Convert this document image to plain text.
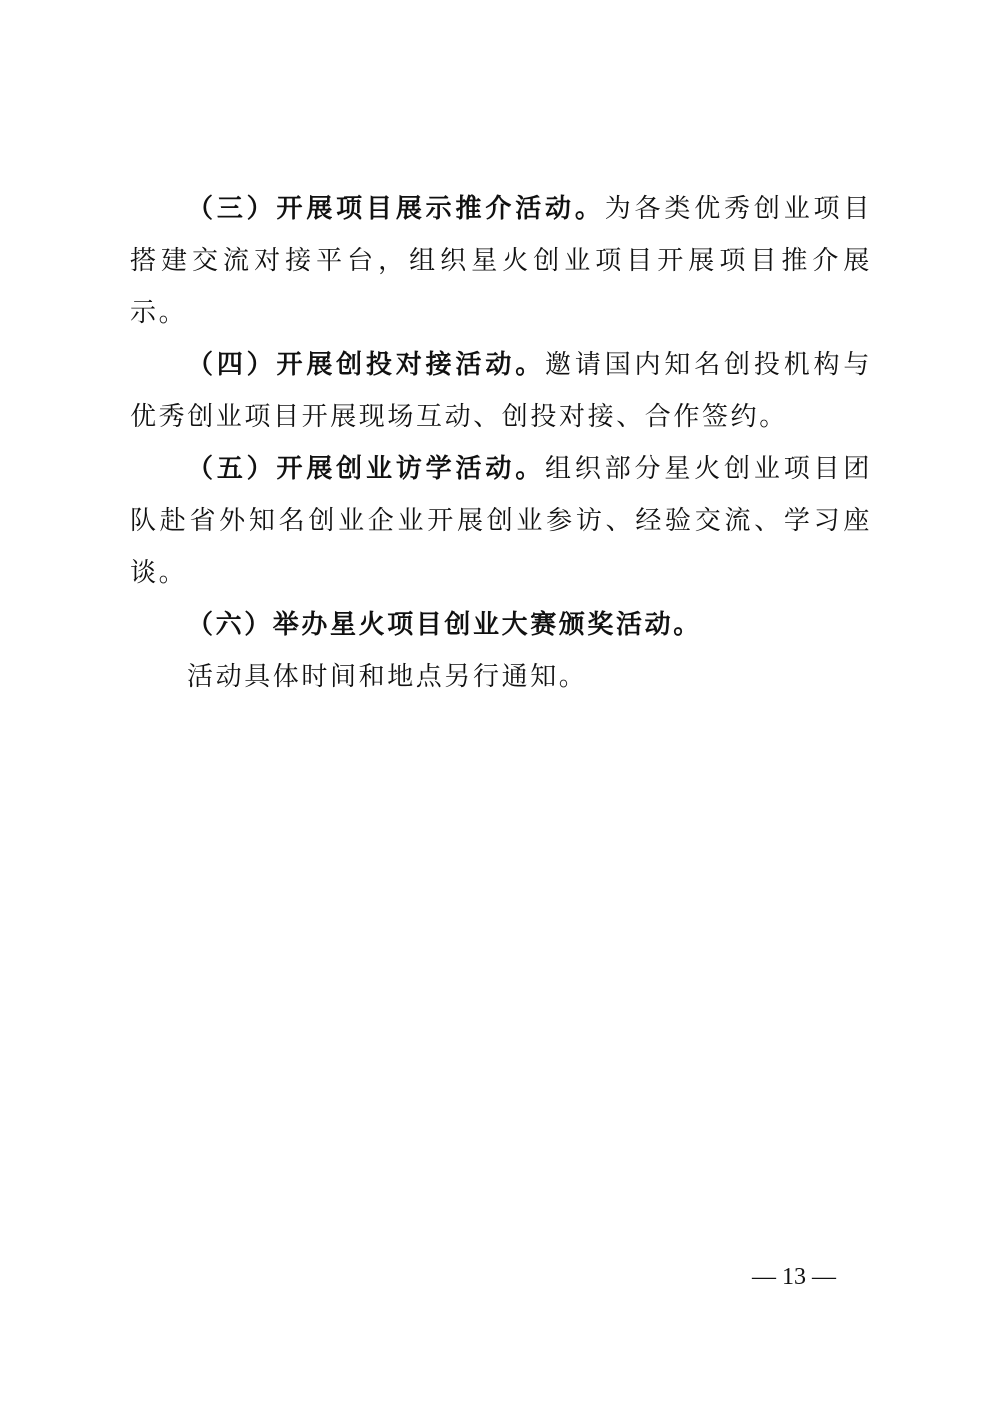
（三）开展项目展示推介活动。为各类优秀创业项目搭建交流对接平台，组织星火创业项目开展项目推介展示。

（四）开展创投对接活动。邀请国内知名创投机构与优秀创业项目开展现场互动、创投对接、合作签约。

（五）开展创业访学活动。组织部分星火创业项目团队赴省外知名创业企业开展创业参访、经验交流、学习座谈。

（六）举办星火项目创业大赛颁奖活动。

活动具体时间和地点另行通知。

— 13 —
